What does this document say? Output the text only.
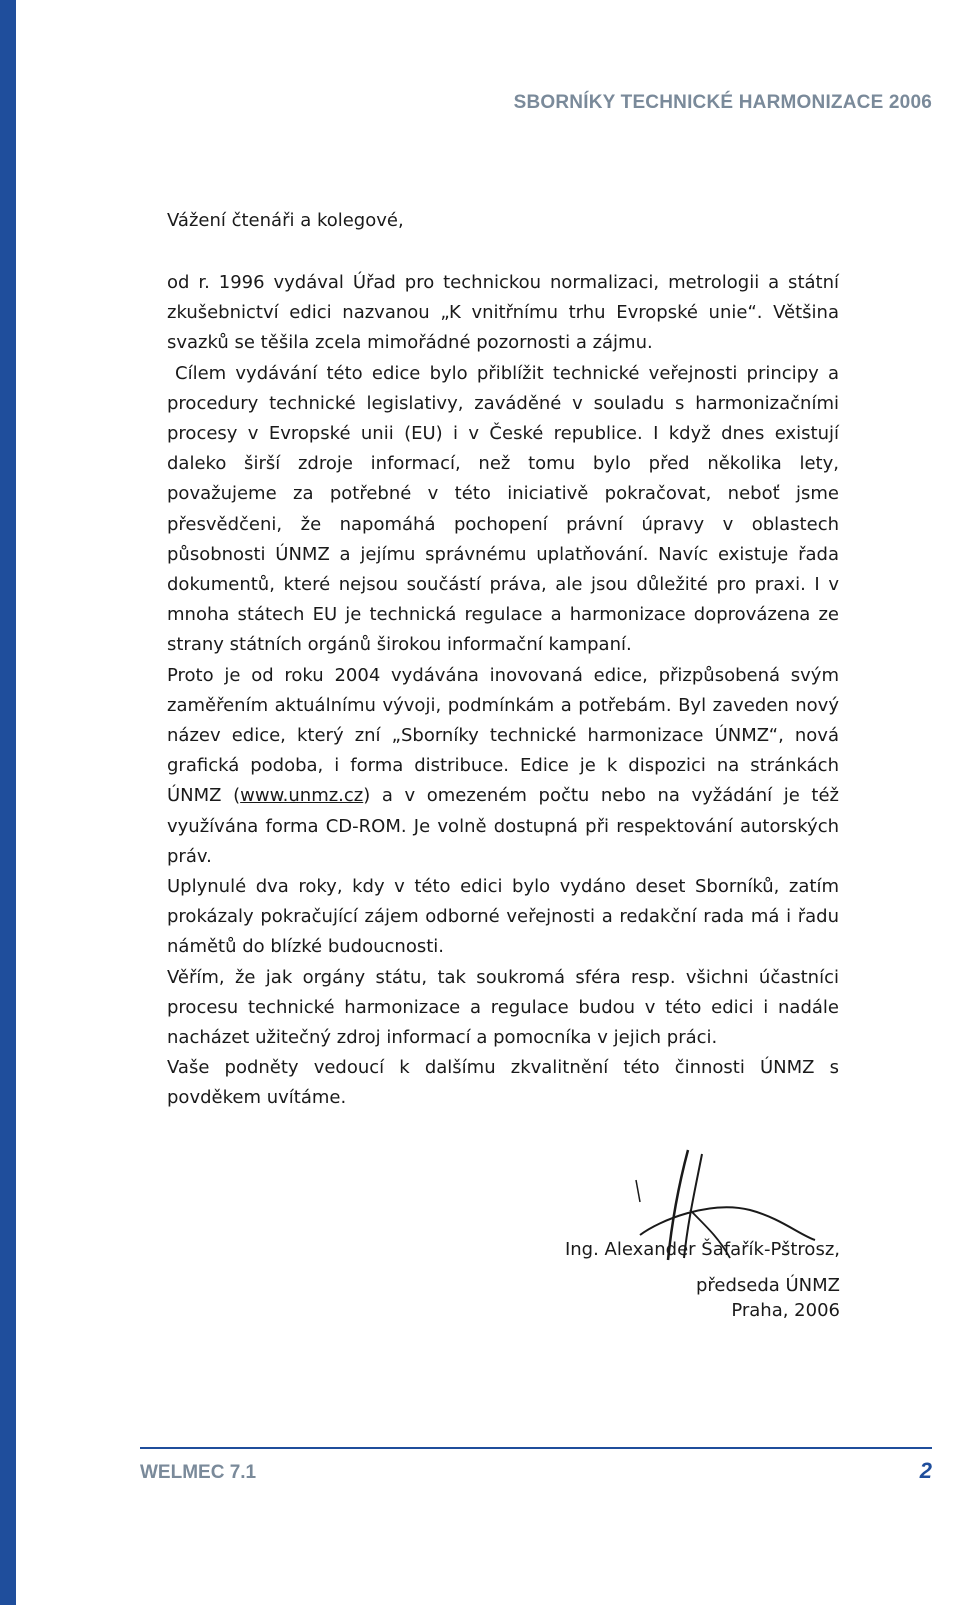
SBORNÍKY TECHNICKÉ HARMONIZACE 2006
Vážení čtenáři a kolegové,

od r. 1996 vydával Úřad pro technickou normalizaci, metrologii a státní zkušebnictví edici nazvanou „K vnitřnímu trhu Evropské unie“. Většina svazků se těšila zcela mimořádné pozornosti a zájmu.

Cílem vydávání této edice bylo přiblížit technické veřejnosti principy a procedury technické legislativy, zaváděné v souladu s harmonizačními procesy v Evropské unii (EU) i v České republice. I když dnes existují daleko širší zdroje informací, než tomu bylo před několika lety, považujeme za potřebné v této iniciativě pokračovat, neboť jsme přesvědčeni, že napomáhá pochopení právní úpravy v oblastech působnosti ÚNMZ a jejímu správnému uplatňování. Navíc existuje řada dokumentů, které nejsou součástí práva, ale jsou důležité pro praxi. I v mnoha státech EU je technická regulace a harmonizace doprovázena ze strany státních orgánů širokou informační kampaní.

Proto je od roku 2004 vydávána inovovaná edice, přizpůsobená svým zaměřením aktuálnímu vývoji, podmínkám a potřebám. Byl zaveden nový název edice, který zní „Sborníky technické harmonizace ÚNMZ“, nová grafická podoba, i forma distribuce. Edice je k dispozici na stránkách ÚNMZ (www.unmz.cz) a v omezeném počtu nebo na vyžádání je též využívána forma CD-ROM. Je volně dostupná při respektování autorských práv.

Uplynulé dva roky, kdy v této edici bylo vydáno deset Sborníků, zatím prokázaly pokračující zájem odborné veřejnosti a redakční rada má i řadu námětů do blízké budoucnosti.

Věřím, že jak orgány státu, tak soukromá sféra resp. všichni účastníci procesu technické harmonizace a regulace budou v této edici i nadále nacházet užitečný zdroj informací a pomocníka v jejich práci.

Vaše podněty vedoucí k dalšímu zkvalitnění této činnosti ÚNMZ s povděkem uvítáme.

Ing. Alexander Šafařík-Pštrosz,
předseda ÚNMZ
Praha, 2006
WELMEC 7.1	2
